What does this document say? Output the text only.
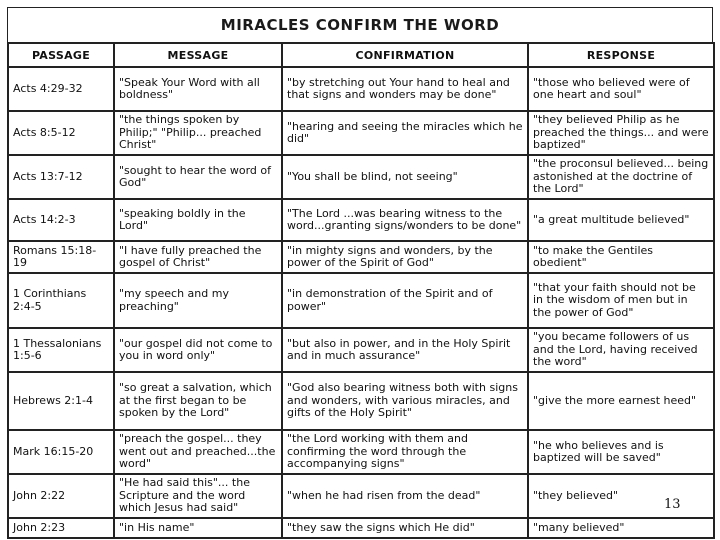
MIRACLES CONFIRM THE WORD
PASSAGE	MESSAGE	CONFIRMATION	RESPONSE
Acts 4:29-32	"Speak Your Word with all boldness"	"by stretching out Your hand to heal and that signs and wonders may be done"	"those who believed were of one heart and soul"
Acts 8:5-12	"the things spoken by Philip;" "Philip... preached Christ"	"hearing and seeing the miracles which he did"	"they believed Philip as he preached the things... and were baptized"
Acts 13:7-12	"sought to hear the word of God"	"You shall be blind, not seeing"	"the proconsul believed... being astonished at the doctrine of the Lord"
Acts 14:2-3	"speaking boldly in the Lord"	"The Lord ...was bearing witness to the word...granting signs/wonders to be done"	"a great multitude believed"
Romans 15:18-19	"I have fully preached the gospel of Christ"	"in mighty signs and wonders, by the power of the Spirit of God"	"to make the Gentiles obedient"
1 Corinthians 2:4-5	"my speech and my preaching"	"in demonstration of the Spirit and of power"	"that your faith should not be in the wisdom of men but in the power of God"
1 Thessalonians 1:5-6	"our gospel did not come to you in word only"	"but also in power, and in the Holy Spirit and in much assurance"	"you became followers of us and the Lord, having received the word"
Hebrews 2:1-4	"so great a salvation, which at the first began to be spoken by the Lord"	"God also bearing witness both with signs and wonders, with various miracles, and gifts of the Holy Spirit"	"give the more earnest heed"
Mark 16:15-20	"preach the gospel... they went out and preached...the word"	"the Lord working with them and confirming the word through the accompanying signs"	"he who believes and is baptized will be saved"
John 2:22	"He had said this"... the Scripture and the word which Jesus had said"	"when he had risen from the dead"	"they believed"
John 2:23	"in His name"	"they saw the signs which He did"	"many believed"
13
